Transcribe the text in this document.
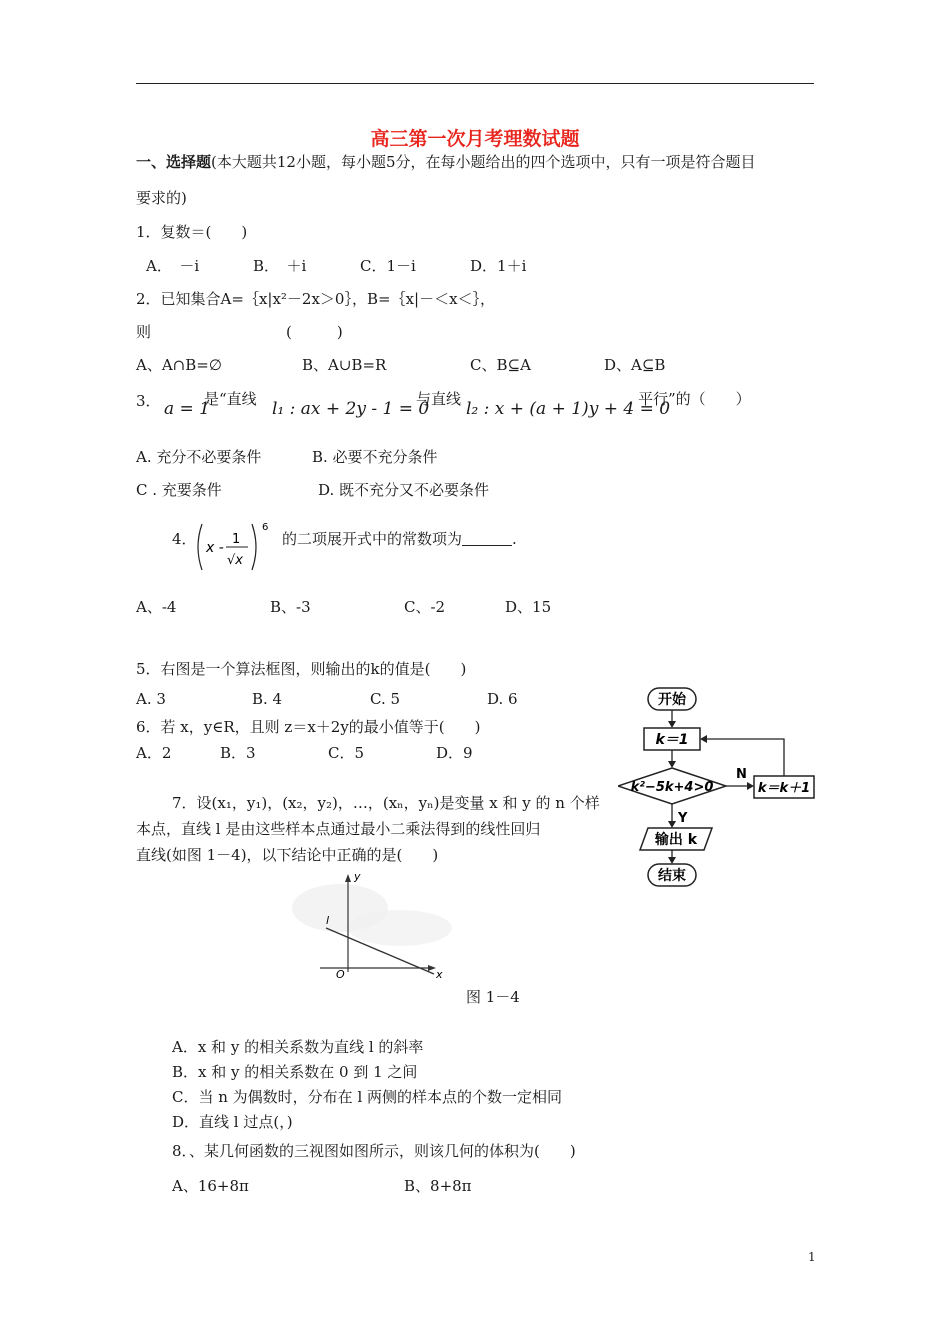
高三第一次月考理数试题
一、选择题(本大题共12小题，每小题5分，在每小题给出的四个选项中，只有一项是符合题目
要求的)
1．复数＝(　　)
A．　－i	B．　＋i	C．1－i	D．1＋i
2．已知集合A=｛x|x²－2x＞0｝，B=｛x|－＜x＜｝，
则　　　　　　　　　(　　　)
A、A∩B=∅	B、A∪B=R	C、B⊆A	D、A⊆B
3． a = 1
是“直线 l₁ : ax + 2y - 1 = 0
与直线 l₂ : x + (a + 1)y + 4 = 0
平行”的（　　）
A. 充分不必要条件	B. 必要不充分条件
C . 充要条件	D. 既不充分又不必要条件
4． x -
1
√x
6
的二项展开式中的常数项为	.
A、-4	B、-3	C、-2	D、15
5．右图是一个算法框图，则输出的k的值是(　　)
A. 3	B. 4	C. 5	D. 6
6．若 x，y∈R，且则 z＝x＋2y的最小值等于(　　)
A．2	B．3	C．5	D．9
7．设(x₁，y₁)，(x₂，y₂)，…，(xₙ，yₙ)是变量 x 和 y 的 n 个样
本点，直线 l 是由这些样本点通过最小二乘法得到的线性回归
直线(如图 1－4)，以下结论中正确的是(　　)
y
x
l
O
图 1－4
A．x 和 y 的相关系数为直线 l 的斜率
B．x 和 y 的相关系数在 0 到 1 之间
C．当 n 为偶数时，分布在 l 两侧的样本点的个数一定相同
D．直线 l 过点(，)
8．、某几何函数的三视图如图所示，则该几何的体积为(　　)
A、16+8π	B、8+8π
开始
k＝1
k²−5k+4>0
N
k＝k＋1
Y
输出 k
结束
1
